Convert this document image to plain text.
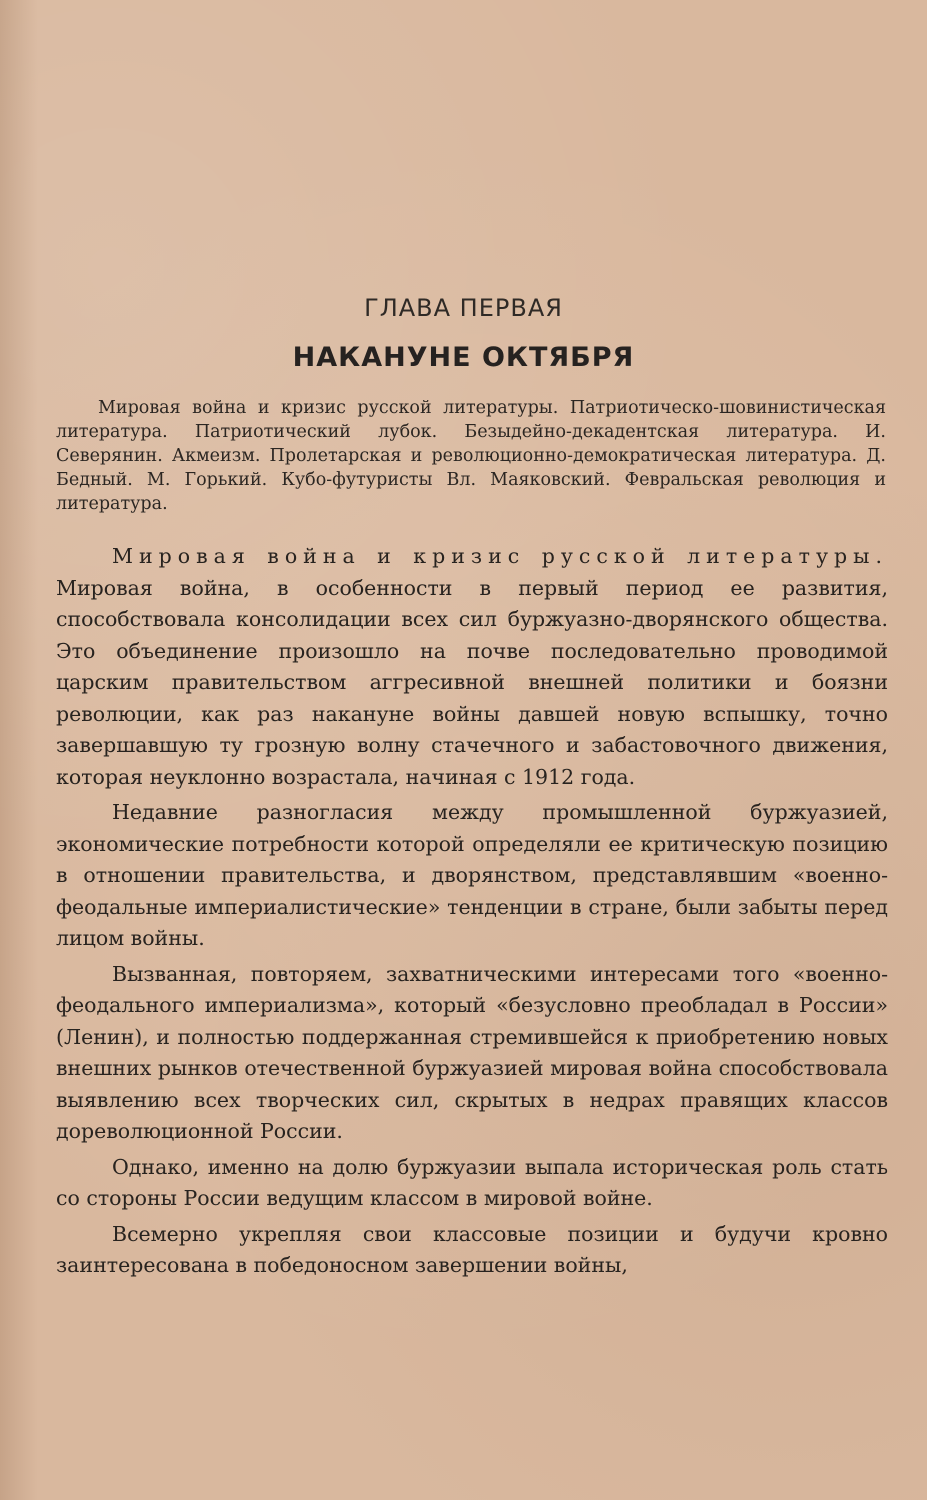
ГЛАВА ПЕРВАЯ
НАКАНУНЕ ОКТЯБРЯ
Мировая война и кризис русской литературы. Патриотическо-шовинистическая литература. Патриотический лубок. Безыдейно-декадентская литература. И. Северянин. Акмеизм. Пролетарская и революционно-демократическая литература. Д. Бедный. М. Горький. Кубо-футуристы Вл. Маяковский. Февральская революция и литература.

Мировая война и кризис русской литературы. Мировая война, в особенности в первый период ее развития, способствовала консолидации всех сил буржуазно-дворянского общества. Это объединение произошло на почве последовательно проводимой царским правительством аггресивной внешней политики и боязни революции, как раз накануне войны давшей новую вспышку, точно завершавшую ту грозную волну стачечного и забастовочного движения, которая неуклонно возрастала, начиная с 1912 года.

Недавние разногласия между промышленной буржуазией, экономические потребности которой определяли ее критическую позицию в отношении правительства, и дворянством, представлявшим «военно-феодальные империалистические» тенденции в стране, были забыты перед лицом войны.

Вызванная, повторяем, захватническими интересами того «военно-феодального империализма», который «безусловно преобладал в России» (Ленин), и полностью поддержанная стремившейся к приобретению новых внешних рынков отечественной буржуазией мировая война способствовала выявлению всех творческих сил, скрытых в недрах правящих классов дореволюционной России.

Однако, именно на долю буржуазии выпала историческая роль стать со стороны России ведущим классом в мировой войне.

Всемерно укрепляя свои классовые позиции и будучи кровно заинтересована в победоносном завершении войны,
